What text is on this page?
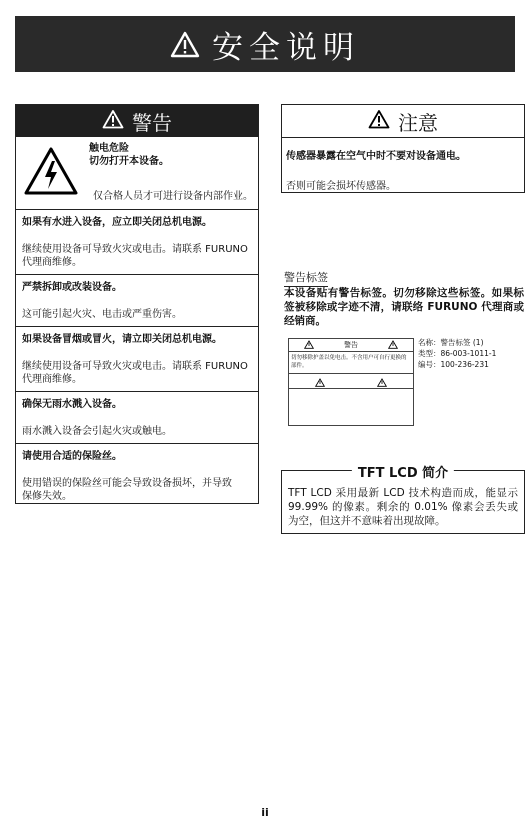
安全说明
警告
触电危险
切勿打开本设备。
仅合格人员才可进行设备内部作业。
如果有水进入设备，应立即关闭总机电源。
继续使用设备可导致火灾或电击。请联系 FURUNO
代理商维修。
严禁拆卸或改装设备。
这可能引起火灾、电击或严重伤害。
如果设备冒烟或冒火，请立即关闭总机电源。
继续使用设备可导致火灾或电击。请联系 FURUNO
代理商维修。
确保无雨水溅入设备。
雨水溅入设备会引起火灾或触电。
请使用合适的保险丝。
使用错误的保险丝可能会导致设备损坏，并导致
保修失效。
注意
传感器暴露在空气中时不要对设备通电。
否则可能会损坏传感器。
警告标签
本设备贴有警告标签。切勿移除这些标签。如果标签被移除或字迹不清，请联络 FURUNO 代理商或经销商。
警告
切勿移除护盖以免电击。不含用户可自行更换的部件。
名称：警告标签 (1)
类型：86-003-1011-1
编号：100-236-231
TFT LCD 简介
TFT LCD 采用最新 LCD 技术构造而成，能显示 99.99% 的像素。剩余的 0.01% 像素会丢失或为空，但这并不意味着出现故障。
ii
